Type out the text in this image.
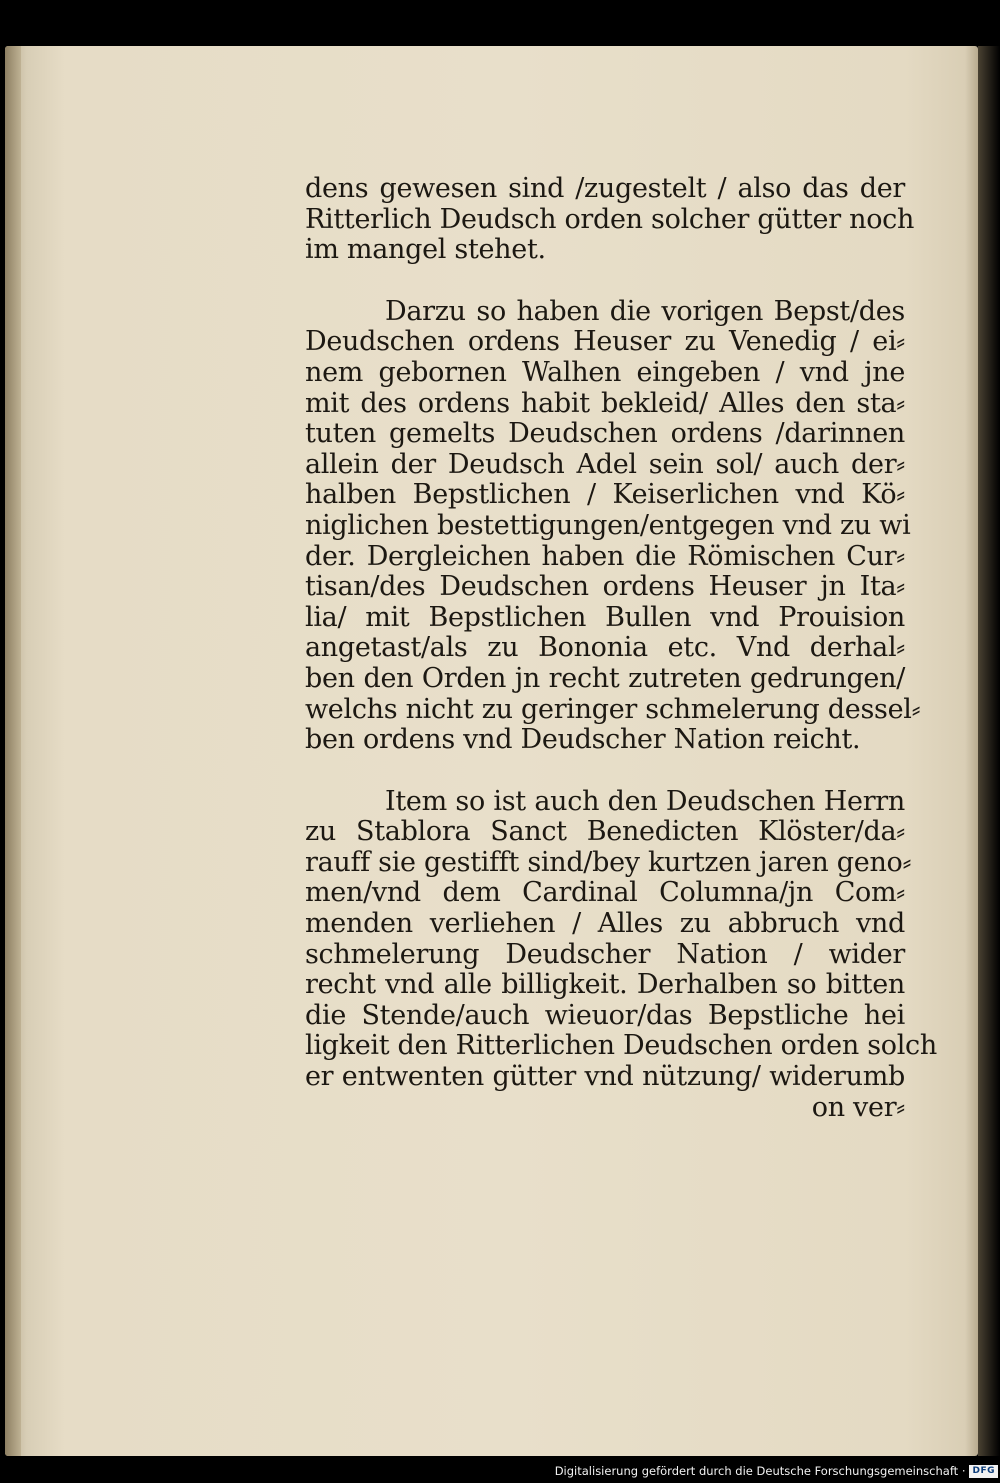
dens gewesen sind /zugestelt / also das der
Ritterlich Deudsch orden solcher gütter noch
im mangel stehet.
Darzu so haben die vorigen Bepst/des
Deudschen ordens Heuser zu Venedig / ei⸗
nem gebornen Walhen eingeben / vnd jne
mit des ordens habit bekleid/ Alles den sta⸗
tuten gemelts Deudschen ordens /darinnen
allein der Deudsch Adel sein sol/ auch der⸗
halben Bepstlichen / Keiserlichen vnd Kö⸗
niglichen bestettigungen/entgegen vnd zu wi
der. Dergleichen haben die Römischen Cur⸗
tisan/des Deudschen ordens Heuser jn Ita⸗
lia/ mit Bepstlichen Bullen vnd Prouision
angetast/als zu Bononia etc. Vnd derhal⸗
ben den Orden jn recht zutreten gedrungen/
welchs nicht zu geringer schmelerung dessel⸗
ben ordens vnd Deudscher Nation reicht.
Item so ist auch den Deudschen Herrn
zu Stablora Sanct Benedicten Klöster/da⸗
rauff sie gestifft sind/bey kurtzen jaren geno⸗
men/vnd dem Cardinal Columna/jn Com⸗
menden verliehen / Alles zu abbruch vnd
schmelerung Deudscher Nation / wider
recht vnd alle billigkeit. Derhalben so bitten
die Stende/auch wieuor/das Bepstliche hei
ligkeit den Ritterlichen Deudschen orden solch
er entwenten gütter vnd nützung/ widerumb
on ver⸗
Digitalisierung gefördert durch die Deutsche Forschungsgemeinschaft · DFG
